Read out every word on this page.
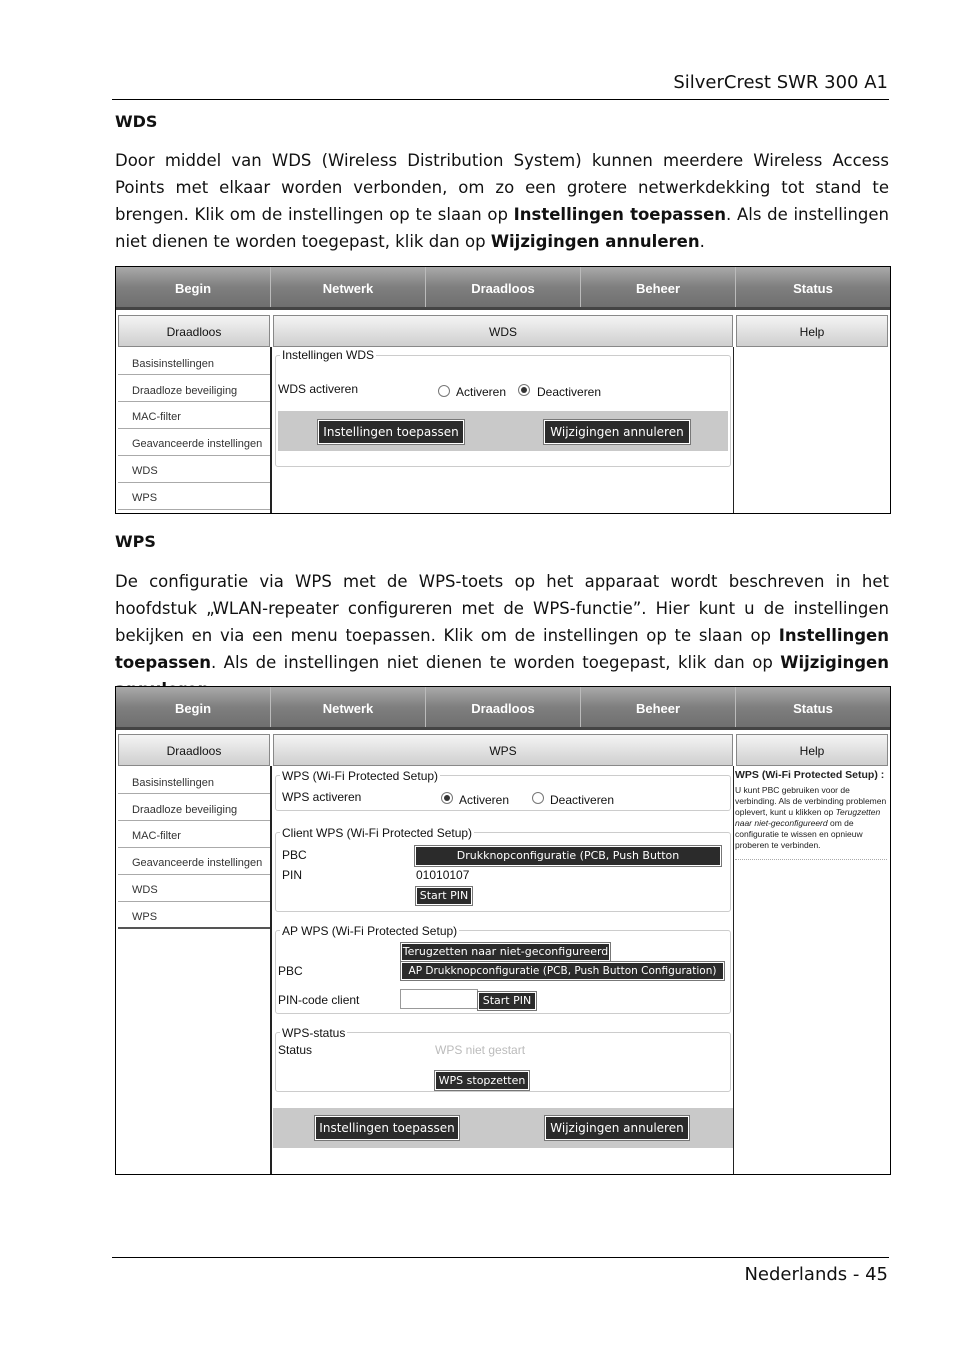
SilverCrest SWR 300 A1
WDS
Door middel van WDS (Wireless Distribution System) kunnen meerdere Wireless Access Points met elkaar worden verbonden, om zo een grotere netwerkdekking tot stand te brengen. Klik om de instellingen op te slaan op Instellingen toepassen. Als de instellingen niet dienen te worden toegepast, klik dan op Wijzigingen annuleren.
Begin	Netwerk	Draadloos	Beheer	Status
Draadloos	WDS	Help
Basisinstellingen
Draadloze beveiliging
MAC-filter
Geavanceerde instellingen
WDS
WPS
Instellingen WDS
WDS activeren	Activeren	Deactiveren
Instellingen toepassen	Wijzigingen annuleren
WPS
De configuratie via WPS met de WPS-toets op het apparaat wordt beschreven in het hoofdstuk „WLAN-repeater configureren met de WPS-functie”. Hier kunt u de instellingen bekijken en via een menu toepassen. Klik om de instellingen op te slaan op Instellingen toepassen. Als de instellingen niet dienen te worden toegepast, klik dan op Wijzigingen
Begin	Netwerk	Draadloos	Beheer	Status
Draadloos	WPS	Help
Basisinstellingen
Draadloze beveiliging
MAC-filter
Geavanceerde instellingen
WDS
WPS
WPS (Wi-Fi Protected Setup)
WPS activeren	Activeren	Deactiveren
Client WPS (Wi-Fi Protected Setup)
PBC	Drukknopconfiguratie (PCB, Push Button Configuration)
PIN	01010107
Start PIN
AP WPS (Wi-Fi Protected Setup)
Terugzetten naar niet-geconfigureerd
PBC	AP Drukknopconfiguratie (PCB, Push Button Configuration)
PIN-code client	Start PIN
WPS-status
Status	WPS niet gestart
WPS stopzetten
Instellingen toepassen	Wijzigingen annuleren
WPS (Wi-Fi Protected Setup) :
U kunt PBC gebruiken voor de verbinding. Als de verbinding problemen oplevert, kunt u klikken op Terugzetten naar niet-geconfigureerd om de configuratie te wissen en opnieuw proberen te verbinden.
Nederlands - 45
